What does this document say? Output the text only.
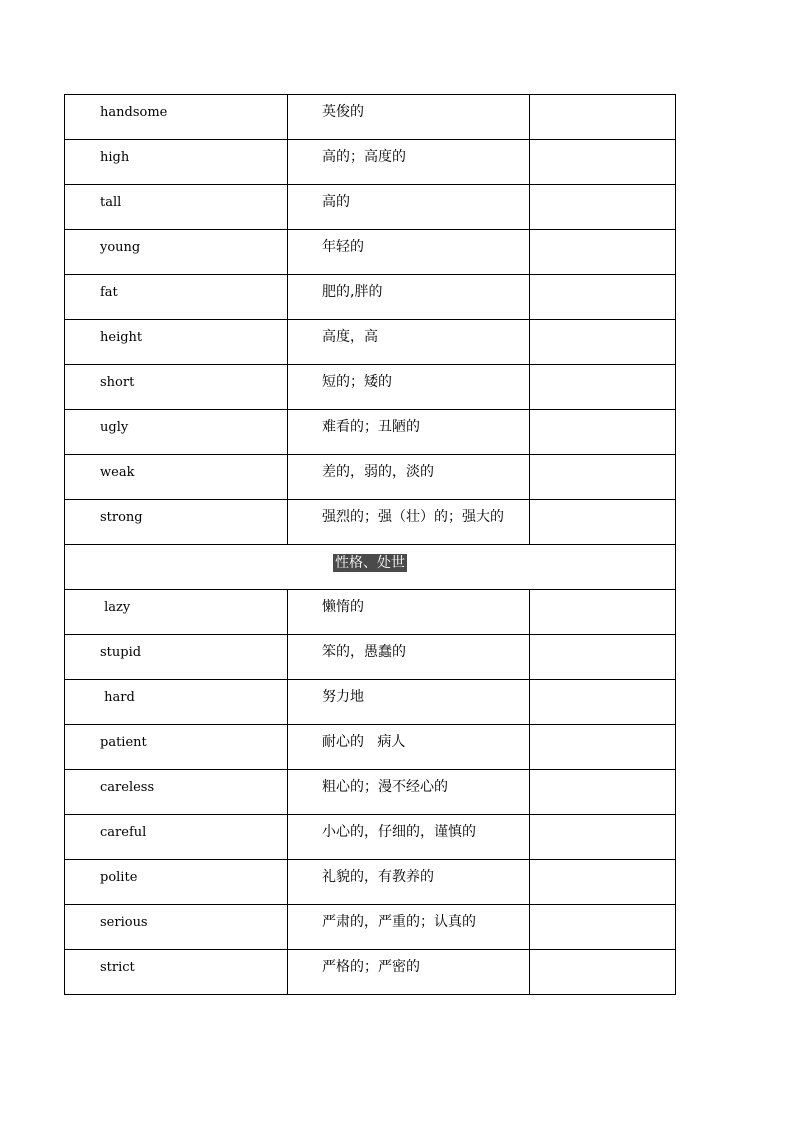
handsome	英俊的	
high	高的；高度的	
tall	高的	
young	年轻的	
fat	肥的,胖的	
height	高度，高	
short	短的；矮的	
ugly	难看的；丑陋的	
weak	差的，弱的，淡的	
strong	强烈的；强（壮）的；强大的	
性格、处世		
lazy	懒惰的	
stupid	笨的，愚蠢的	
hard	努力地	
patient	耐心的   病人	
careless	粗心的；漫不经心的	
careful	小心的，仔细的，谨慎的	
polite	礼貌的，有教养的	
serious	严肃的，严重的；认真的	
strict	严格的；严密的	
